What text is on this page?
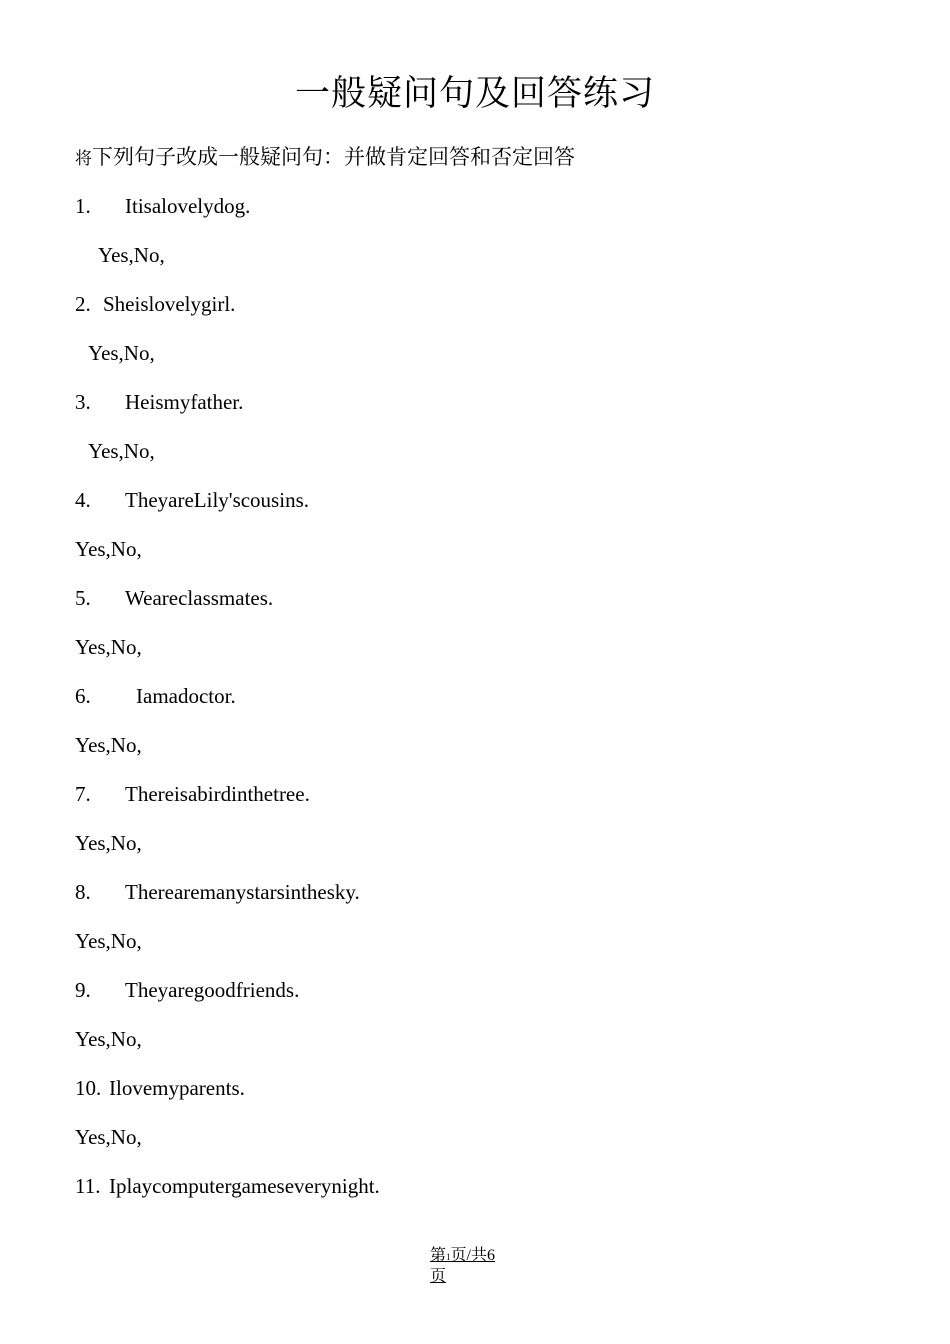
一般疑问句及回答练习
将下列句子改成一般疑问句：并做肯定回答和否定回答
1. Itisalovelydog.
Yes,No,
2. Sheislovelygirl.
Yes,No,
3. Heismyfather.
Yes,No,
4. TheyareLily'scousins.
Yes,No,
5. Weareclassmates.
Yes,No,
6. Iamadoctor.
Yes,No,
7. Thereisabirdinthetree.
Yes,No,
8. Therearemanystarsinthesky.
Yes,No,
9. Theyaregoodfriends.
Yes,No,
10. Ilovemyparents.
Yes,No,
11. Iplaycomputergameseverynight.
第1页/共6
页
